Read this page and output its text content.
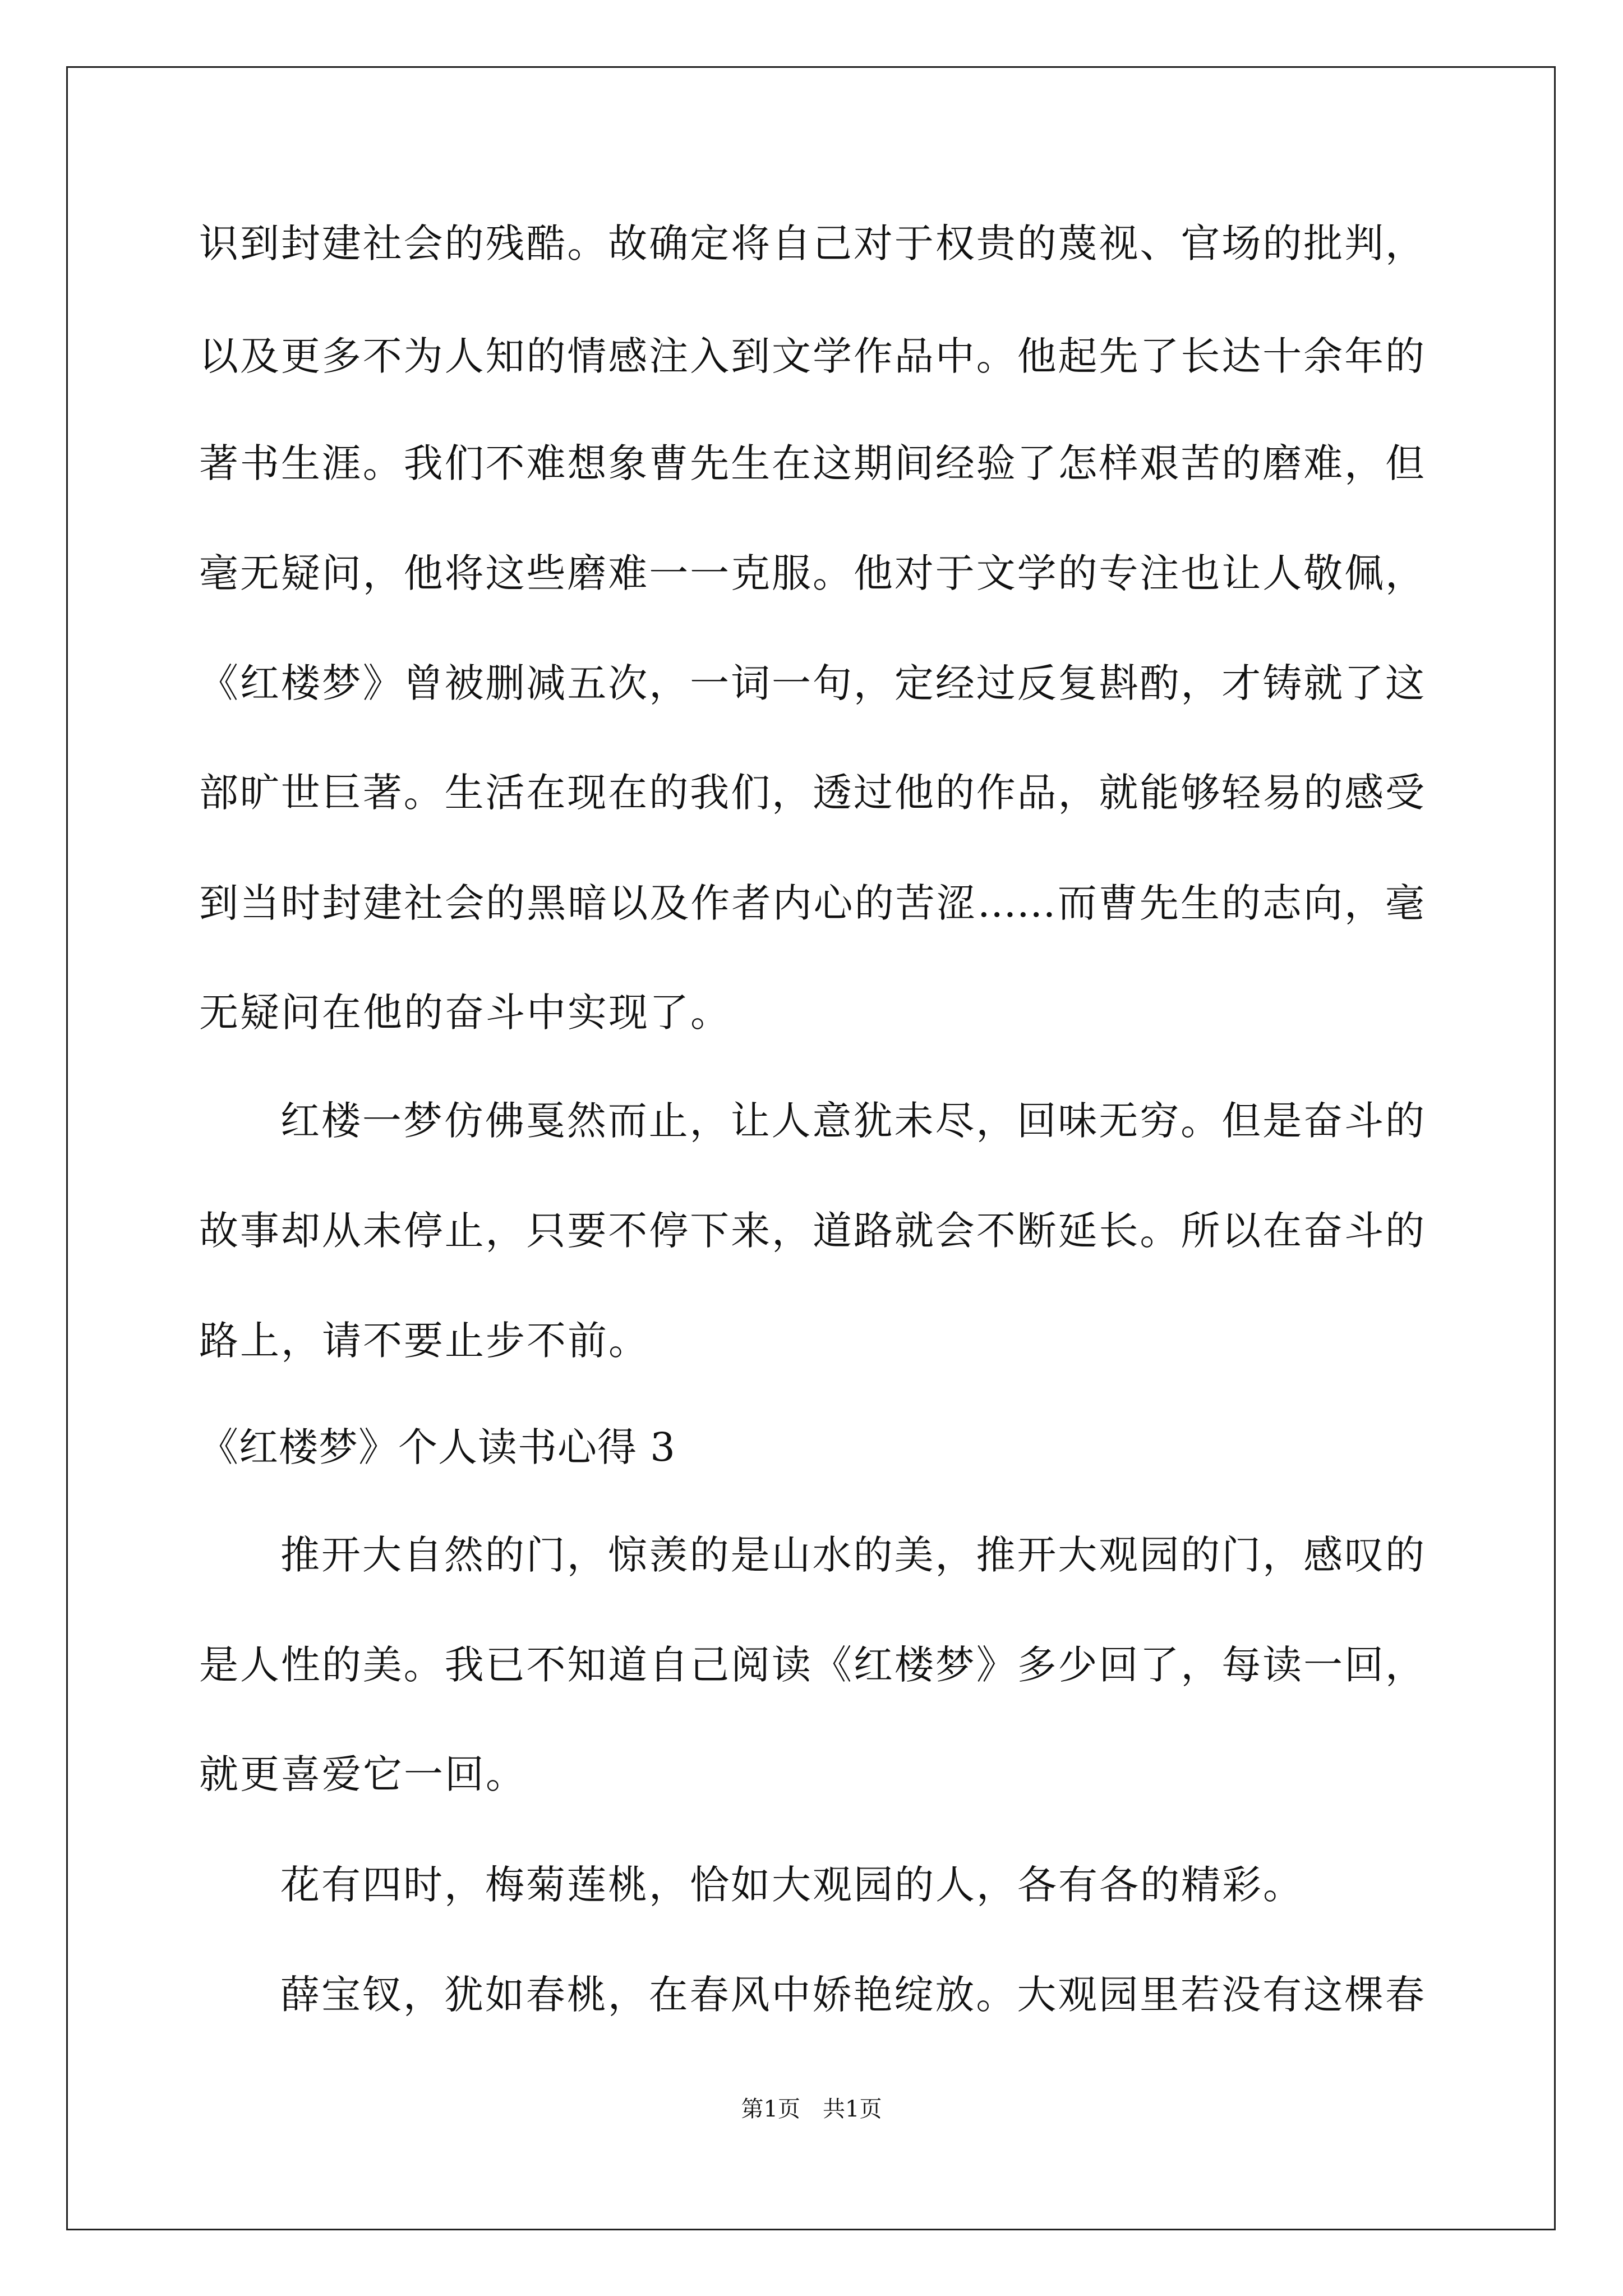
识到封建社会的残酷。故确定将自己对于权贵的蔑视、官场的批判，
以及更多不为人知的情感注入到文学作品中。他起先了长达十余年的
著书生涯。我们不难想象曹先生在这期间经验了怎样艰苦的磨难，但
毫无疑问，他将这些磨难一一克服。他对于文学的专注也让人敬佩，
《红楼梦》曾被删减五次，一词一句，定经过反复斟酌，才铸就了这
部旷世巨著。生活在现在的我们，透过他的作品，就能够轻易的感受
到当时封建社会的黑暗以及作者内心的苦涩……而曹先生的志向，毫
无疑问在他的奋斗中实现了。
红楼一梦仿佛戛然而止，让人意犹未尽，回味无穷。但是奋斗的
故事却从未停止，只要不停下来，道路就会不断延长。所以在奋斗的
路上，请不要止步不前。
《红楼梦》个人读书心得 3
推开大自然的门，惊羡的是山水的美，推开大观园的门，感叹的
是人性的美。我已不知道自己阅读《红楼梦》多少回了，每读一回，
就更喜爱它一回。
花有四时，梅菊莲桃，恰如大观园的人，各有各的精彩。
薛宝钗，犹如春桃，在春风中娇艳绽放。大观园里若没有这棵春
第1页　共1页
